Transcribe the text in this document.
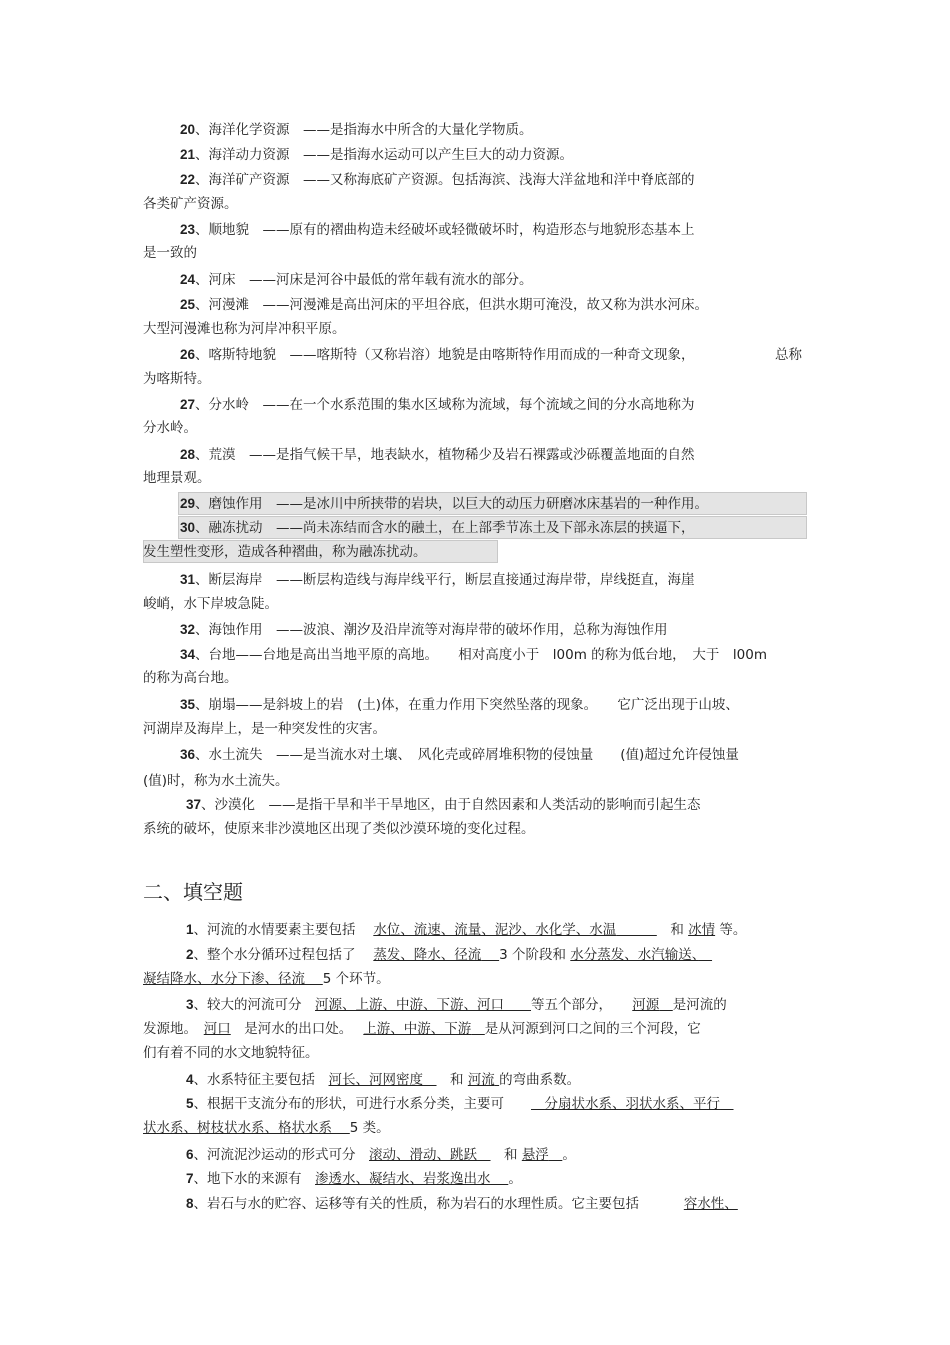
20、海洋化学资源　 ——是指海水中所含的大量化学物质。
21、海洋动力资源　 ——是指海水运动可以产生巨大的动力资源。
22、海洋矿产资源　 ——又称海底矿产资源。包括海滨、浅海大洋盆地和洋中脊底部的
各类矿产资源。
23、顺地貌　 ——原有的褶曲构造未经破坏或轻微破坏时，构造形态与地貌形态基本上
是一致的
24、河床　 ——河床是河谷中最低的常年载有流水的部分。
25、河漫滩　 ——河漫滩是高出河床的平坦谷底，但洪水期可淹没，故又称为洪水河床。
大型河漫滩也称为河岸冲积平原。
26、喀斯特地貌　 ——喀斯特（又称岩溶）地貌是由喀斯特作用而成的一种奇文现象，	总称
为喀斯特。
27、分水岭　 ——在一个水系范围的集水区域称为流域，每个流域之间的分水高地称为
分水岭。
28、荒漠　 ——是指气候干旱，地表缺水，植物稀少及岩石裸露或沙砾覆盖地面的自然
地理景观。
29、磨蚀作用　 ——是冰川中所挟带的岩块，以巨大的动压力研磨冰床基岩的一种作用。
30、融冻扰动　 ——尚未冻结而含水的融土，在上部季节冻土及下部永冻层的挟逼下，
发生塑性变形，造成各种褶曲，称为融冻扰动。
31、断层海岸　 ——断层构造线与海岸线平行，断层直接通过海岸带，岸线挺直，海崖
峻峭，水下岸坡急陡。
32、海蚀作用　 ——波浪、潮汐及沿岸流等对海岸带的破坏作用，总称为海蚀作用
34、台地——台地是高出当地平原的高地。　　相对高度小于　l00m 的称为低台地，　大于　l00m
的称为高台地。
35、崩塌——是斜坡上的岩　(土)体，在重力作用下突然坠落的现象。　　它广泛出现于山坡、
河湖岸及海岸上，是一种突发性的灾害。
36、水土流失　 ——是当流水对土壤、　风化壳或碎屑堆积物的侵蚀量　　(值)超过允许侵蚀量
(值)时，称为水土流失。
37、沙漠化　 ——是指干旱和半干旱地区，由于自然因素和人类活动的影响而引起生态
系统的破坏，使原来非沙漠地区出现了类似沙漠环境的变化过程。
二、填空题
1、河流的水情要素主要包括　 水位、流速、流量、泥沙、水化学、水温　　　　	和 冰情 等。
2、整个水分循环过程包括了　 蒸发、降水、径流　 3 个阶段和 水分蒸发、水汽输送、　
凝结降水、水分下渗、径流　 5 个环节。
3、较大的河流可分　 河源、上游、中游、下游、河口　　 等五个部分，　　 河源　 是河流的
发源地。　 河口　 是河水的出口处。　 上游、中游、下游　 是从河源到河口之间的三个河段，它
们有着不同的水文地貌特征。
4、水系特征主要包括　 河长、河网密度　　 和 河流 的弯曲系数。
5、根据干支流分布的形状，可进行水系分类，主要可　　　	分扇状水系、羽状水系、平行　
状水系、树枝状水系、格状水系　 5 类。
6、河流泥沙运动的形式可分　 滚动、滑动、跳跃　　 和 悬浮　 。
7、地下水的来源有　 渗透水、凝结水、岩浆逸出水　 。
8、岩石与水的贮容、运移等有关的性质，称为岩石的水理性质。它主要包括　　　	容水性、
